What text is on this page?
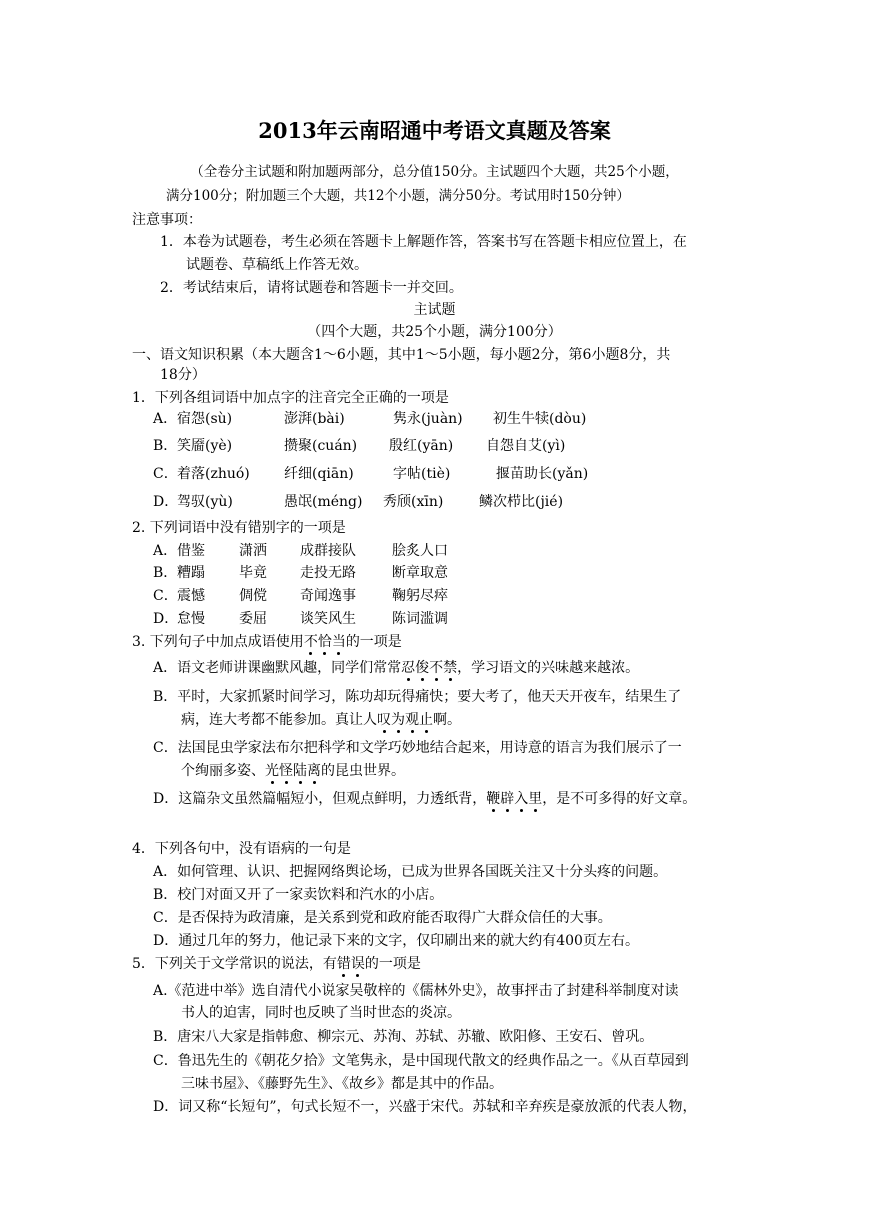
2013年云南昭通中考语文真题及答案
（全卷分主试题和附加题两部分，总分值150分。主试题四个大题，共25个小题，
满分100分；附加题三个大题，共12个小题，满分50分。考试用时150分钟）
注意事项：
1．本卷为试题卷，考生必须在答题卡上解题作答，答案书写在答题卡相应位置上，在
试题卷、草稿纸上作答无效。
2．考试结束后，请将试题卷和答题卡一并交回。
主试题
（四个大题，共25个小题，满分100分）
一、语文知识积累（本大题含1～6小题，其中1～5小题，每小题2分，第6小题8分，共
18分）
1．下列各组词语中加点字的注音完全正确的一项是
A． 宿怨(sù)	澎湃(bài)	隽永(juàn) 初生牛犊(dòu)
B． 笑靥(yè)	攒聚(cuán) 殷红(yān) 自怨自艾(yì)
C． 着落(zhuó) 纤细(qiān)	字帖(tiè)	揠苗助长(yǎn)
D．
驾驭(yù)	愚氓(méng) 秀颀(xīn)	鳞次栉比(jié)
2. 下列词语中没有错别字的一项是
A． 借鉴 潇洒 成群接队	脍炙人口
B． 糟蹋 毕竟 走投无路	断章取意
C． 震憾 倜傥 奇闻逸事	鞠躬尽瘁
D．
怠慢 委屈 谈笑风生	陈词滥调
3. 下列句子中加点成语使用不恰当的一项是
A．语文老师讲课幽默风趣，同学们常常忍俊不禁，学习语文的兴味越来越浓。
B．平时，大家抓紧时间学习，陈功却玩得痛快；要大考了，他天天开夜车，结果生了
病，连大考都不能参加。真让人叹为观止啊。
C．法国昆虫学家法布尔把科学和文学巧妙地结合起来，用诗意的语言为我们展示了一
个绚丽多姿、光怪陆离的昆虫世界。
D．这篇杂文虽然篇幅短小，但观点鲜明，力透纸背，鞭辟入里，是不可多得的好文章。
4．下列各句中，没有语病的一句是
A．如何管理、认识、把握网络舆论场，已成为世界各国既关注又十分头疼的问题。
B．校门对面又开了一家卖饮料和汽水的小店。
C．是否保持为政清廉，是关系到党和政府能否取得广大群众信任的大事。
D．通过几年的努力，他记录下来的文字，仅印刷出来的就大约有400页左右。
5．下列关于文学常识的说法，有错误的一项是
A.《范进中举》选自清代小说家吴敬梓的《儒林外史》，故事抨击了封建科举制度对读
书人的迫害，同时也反映了当时世态的炎凉。
B．唐宋八大家是指韩愈、柳宗元、苏洵、苏轼、苏辙、欧阳修、王安石、曾巩。
C．鲁迅先生的《朝花夕拾》文笔隽永，是中国现代散文的经典作品之一。《从百草园到
三味书屋》、《藤野先生》、《故乡》都是其中的作品。
D．词又称“长短句”，句式长短不一，兴盛于宋代。苏轼和辛弃疾是豪放派的代表人物，
